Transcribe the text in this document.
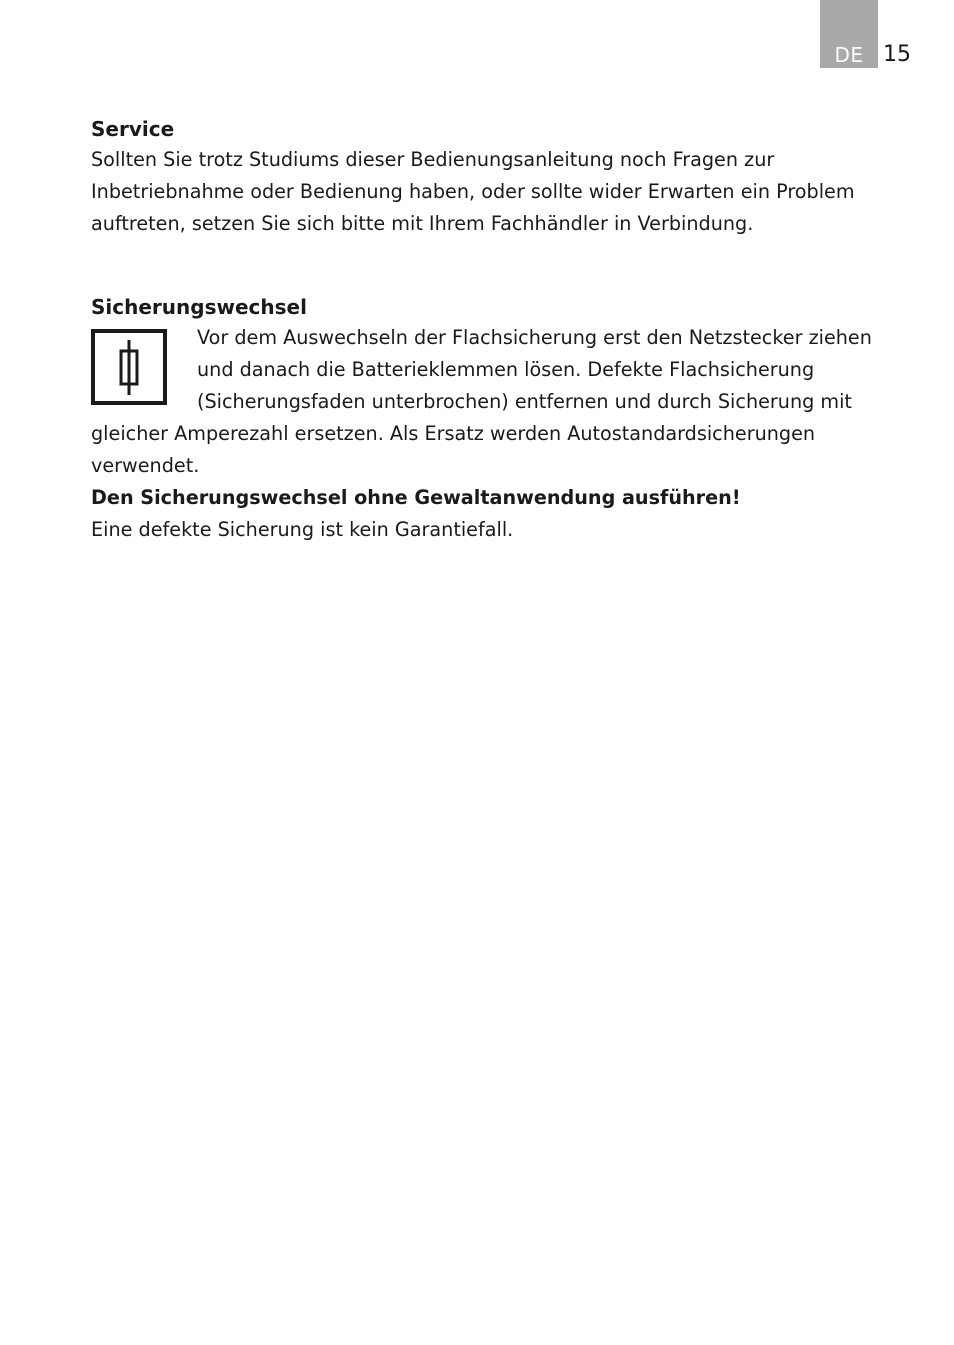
DE 15
Service

Sollten Sie trotz Studiums dieser Bedienungsanleitung noch Fragen zur Inbetriebnahme oder Bedienung haben, oder sollte wider Erwarten ein Problem auftreten, setzen Sie sich bitte mit Ihrem Fachhändler in Verbindung.

Sicherungswechsel

Vor dem Auswechseln der Flachsicherung erst den Netzstecker ziehen und danach die Batterieklemmen lösen. Defekte Flachsicherung (Sicherungsfaden unterbrochen) entfernen und durch Sicherung mit gleicher Amperezahl ersetzen. Als Ersatz werden Autostandardsicherungen verwendet.

Den Sicherungswechsel ohne Gewaltanwendung ausführen!

Eine defekte Sicherung ist kein Garantiefall.
